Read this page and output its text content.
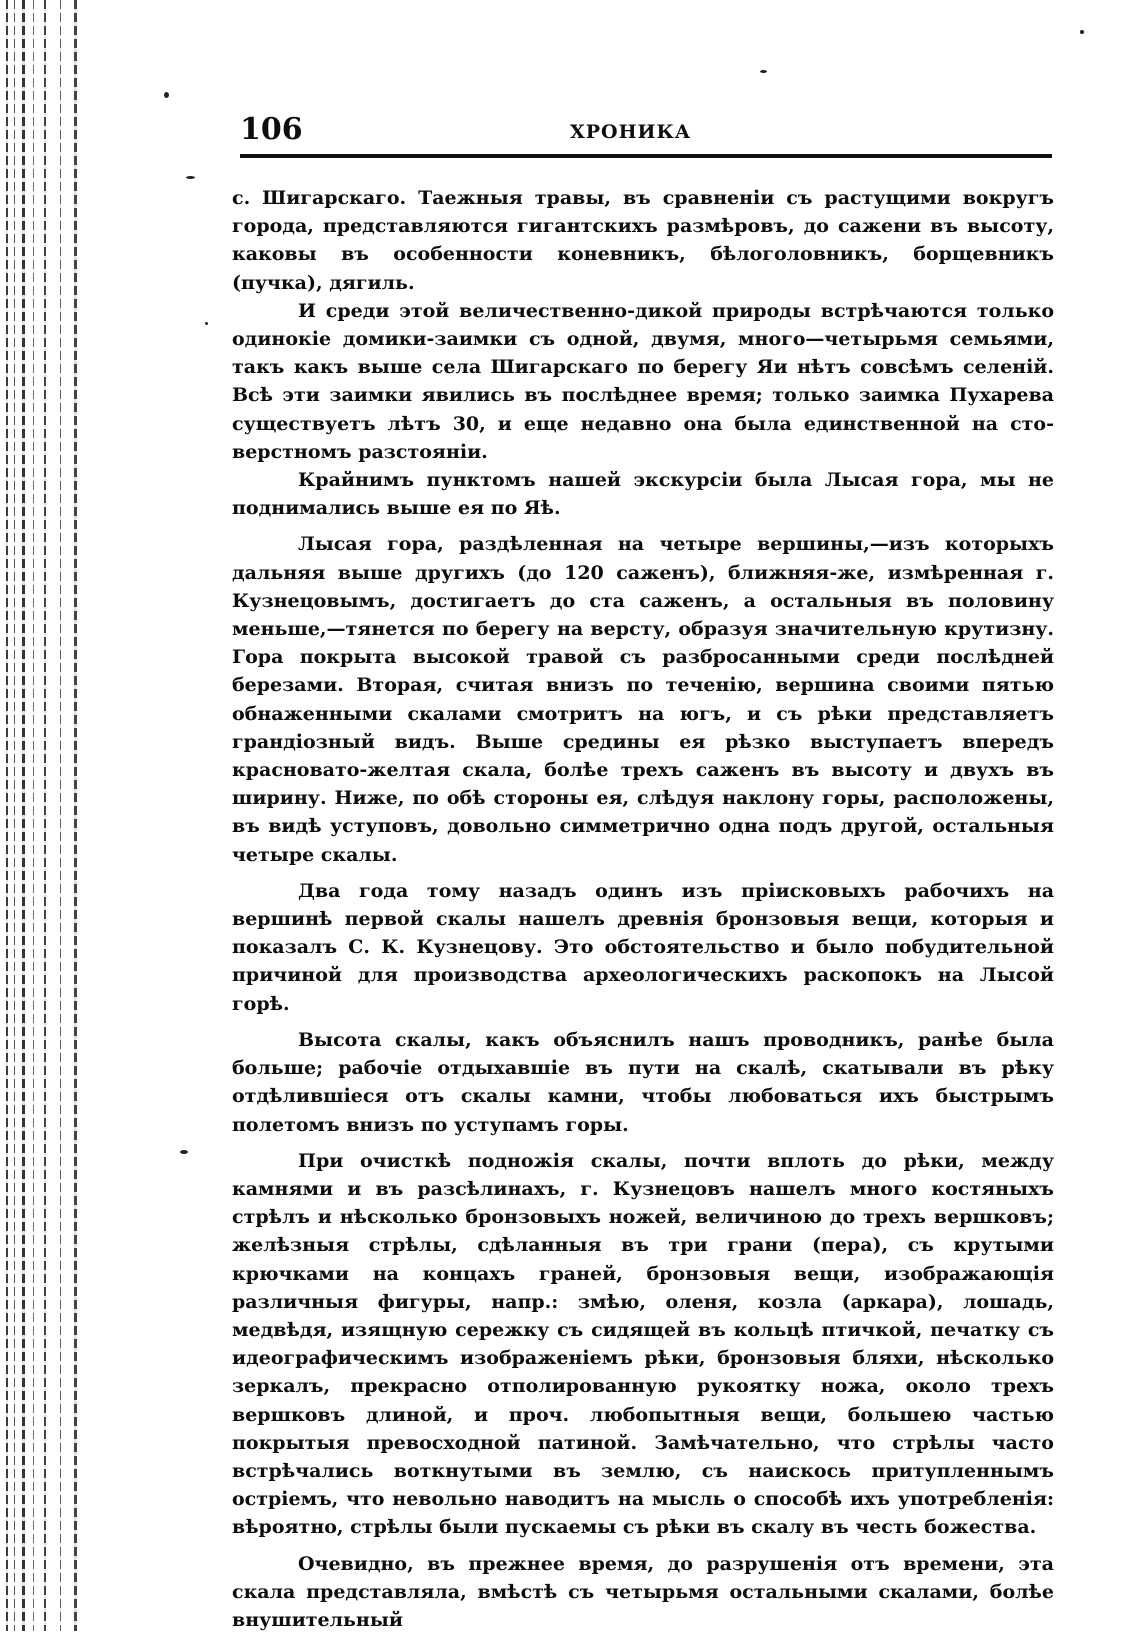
106	ХРОНИКА

с. Шигарскаго. Таежныя травы, въ сравненіи съ растущими вокругъ города, представляются гигантскихъ размѣровъ, до сажени въ высоту, каковы въ особенности коневникъ, бѣлоголовникъ, борщевникъ (пучка), дягиль.

И среди этой величественно-дикой природы встрѣчаются только одинокіе домики-заимки съ одной, двумя, много—четырьмя семьями, такъ какъ выше села Шигарскаго по берегу Яи нѣтъ совсѣмъ селеній. Всѣ эти заимки явились въ послѣднее время; только заимка Пухарева существуетъ лѣтъ 30, и еще недавно она была единственной на сто-верстномъ разстояніи.

Крайнимъ пунктомъ нашей экскурсіи была Лысая гора, мы не поднимались выше ея по Яѣ.

Лысая гора, раздѣленная на четыре вершины,—изъ которыхъ дальняя выше другихъ (до 120 саженъ), ближняя-же, измѣренная г. Кузнецовымъ, достигаетъ до ста саженъ, а остальныя въ половину меньше,—тянется по берегу на версту, образуя значительную крутизну. Гора покрыта высокой травой съ разбросанными среди послѣдней березами. Вторая, считая внизъ по теченію, вершина своими пятью обнаженными скалами смотритъ на югъ, и съ рѣки представляетъ грандіозный видъ. Выше средины ея рѣзко выступаетъ впередъ красновато-желтая скала, болѣе трехъ саженъ въ высоту и двухъ въ ширину. Ниже, по обѣ стороны ея, слѣдуя наклону горы, расположены, въ видѣ уступовъ, довольно симметрично одна подъ другой, остальныя четыре скалы.

Два года тому назадъ одинъ изъ пріисковыхъ рабочихъ на вершинѣ первой скалы нашелъ древнія бронзовыя вещи, которыя и показалъ С. К. Кузнецову. Это обстоятельство и было побудительной причиной для производства археологическихъ раскопокъ на Лысой горѣ.

Высота скалы, какъ объяснилъ нашъ проводникъ, ранѣе была больше; рабочіе отдыхавшіе въ пути на скалѣ, скатывали въ рѣку отдѣлившіеся отъ скалы камни, чтобы любоваться ихъ быстрымъ полетомъ внизъ по уступамъ горы.

При очисткѣ подножія скалы, почти вплоть до рѣки, между камнями и въ разсѣлинахъ, г. Кузнецовъ нашелъ много костяныхъ стрѣлъ и нѣсколько бронзовыхъ ножей, величиною до трехъ вершковъ; желѣзныя стрѣлы, сдѣланныя въ три грани (пера), съ крутыми крючками на концахъ граней, бронзовыя вещи, изображающія различныя фигуры, напр.: змѣю, оленя, козла (аркара), лошадь, медвѣдя, изящную сережку съ сидящей въ кольцѣ птичкой, печатку съ идеографическимъ изображеніемъ рѣки, бронзовыя бляхи, нѣсколько зеркалъ, прекрасно отполированную рукоятку ножа, около трехъ вершковъ длиной, и проч. любопытныя вещи, большею частью покрытыя превосходной патиной. Замѣчательно, что стрѣлы часто встрѣчались воткнутыми въ землю, съ наискось притупленнымъ остріемъ, что невольно наводитъ на мысль о способѣ ихъ употребленія: вѣроятно, стрѣлы были пускаемы съ рѣки въ скалу въ честь божества.

Очевидно, въ прежнее время, до разрушенія отъ времени, эта скала представляла, вмѣстѣ съ четырьмя остальными скалами, болѣе внушительный
